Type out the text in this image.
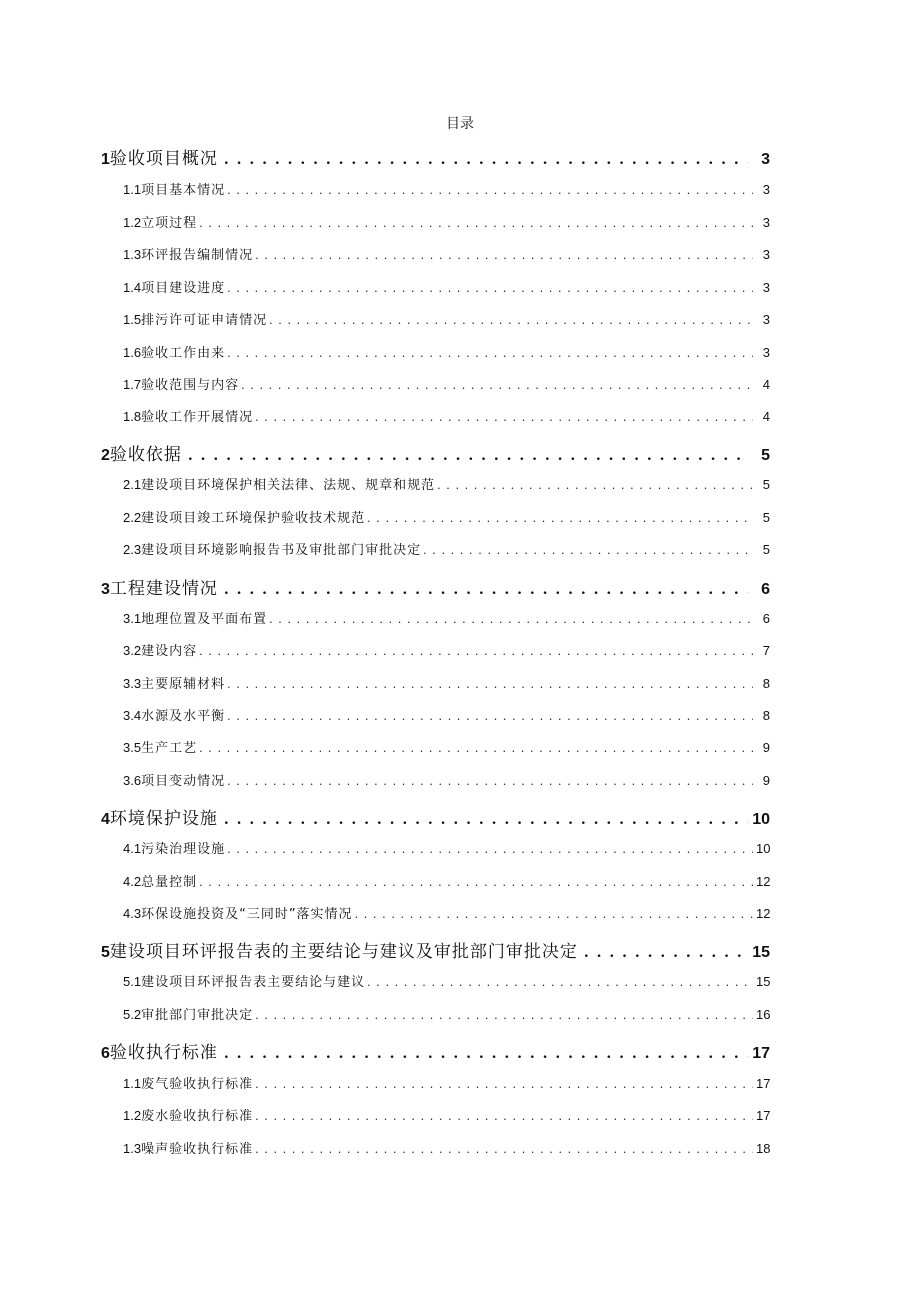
目录
1 验收项目概况 . . .	3
1.1 项目基本情况 . . .	3
1.2 立项过程 . . .	3
1.3 环评报告编制情况 . . .	3
1.4 项目建设进度 . . .	3
1.5 排污许可证申请情况 . . .	3
1.6 验收工作由来 . . .	3
1.7 验收范围与内容 . . .	4
1.8 验收工作开展情况 . . .	4
2 验收依据 . . .	5
2.1 建设项目环境保护相关法律、法规、规章和规范 . . .	5
2.2 建设项目竣工环境保护验收技术规范 . . .	5
2.3 建设项目环境影响报告书及审批部门审批决定 . . .	5
3 工程建设情况 . . .	6
3.1 地理位置及平面布置 . . .	6
3.2 建设内容 . . .	7
3.3 主要原辅材料 . . .	8
3.4 水源及水平衡 . . .	8
3.5 生产工艺 . . .	9
3.6 项目变动情况 . . .	9
4 环境保护设施 . . .	10
4.1 污染治理设施 . . .	10
4.2 总量控制 . . .	12
4.3 环保设施投资及“三同时”落实情况 . . .	12
5 建设项目环评报告表的主要结论与建议及审批部门审批决定 . . .	15
5.1 建设项目环评报告表主要结论与建议 . . .	15
5.2 审批部门审批决定 . . .	16
6 验收执行标准 . . .	17
1.1 废气验收执行标准 . . .	17
1.2 废水验收执行标准 . . .	17
1.3 噪声验收执行标准 . . .	18
